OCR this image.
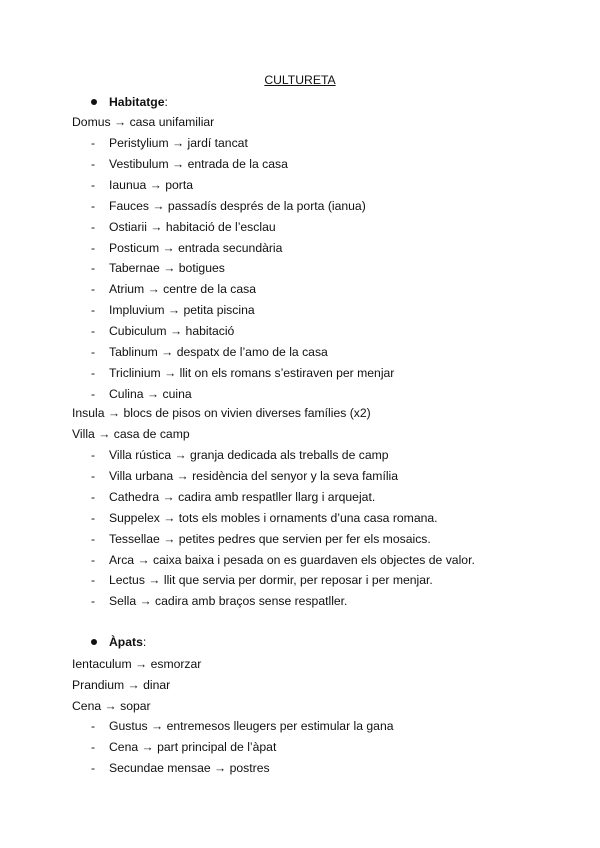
CULTURETA
Habitatge:
Domus → casa unifamiliar
- Peristylium → jardí tancat
- Vestibulum → entrada de la casa
- Iaunua → porta
- Fauces → passadís després de la porta (ianua)
- Ostiarii → habitació de l’esclau
- Posticum → entrada secundària
- Tabernae → botigues
- Atrium → centre de la casa
- Impluvium → petita piscina
- Cubiculum → habitació
- Tablinum → despatx de l’amo de la casa
- Triclinium → llit on els romans s’estiraven per menjar
- Culina → cuina
Insula → blocs de pisos on vivien diverses famílies (x2)
Villa → casa de camp
- Villa rústica → granja dedicada als treballs de camp
- Villa urbana → residència del senyor y la seva família
- Cathedra → cadira amb respatller llarg i arquejat.
- Suppelex → tots els mobles i ornaments d’una casa romana.
- Tessellae → petites pedres que servien per fer els mosaics.
- Arca → caixa baixa i pesada on es guardaven els objectes de valor.
- Lectus → llit que servia per dormir, per reposar i per menjar.
- Sella → cadira amb braços sense respatller.
Àpats:
Ientaculum → esmorzar
Prandium → dinar
Cena → sopar
- Gustus → entremesos lleugers per estimular la gana
- Cena → part principal de l’àpat
- Secundae mensae → postres
